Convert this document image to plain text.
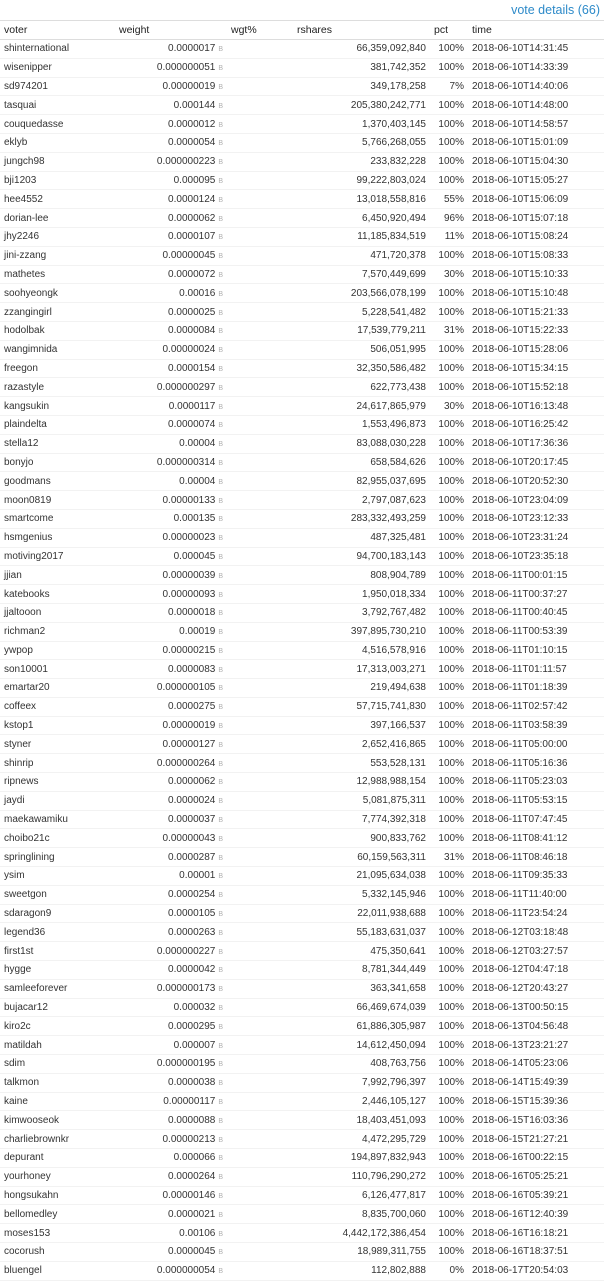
vote details (66)
voter	weight	wgt%	rshares	pct	time
shinternational	0.0000017 B		66,359,092,840	100%	2018-06-10T14:31:45
wisenipper	0.000000051 B		381,742,352	100%	2018-06-10T14:33:39
sd974201	0.00000019 B		349,178,258	7%	2018-06-10T14:40:06
tasquai	0.000144 B		205,380,242,771	100%	2018-06-10T14:48:00
couquedasse	0.0000012 B		1,370,403,145	100%	2018-06-10T14:58:57
eklyb	0.0000054 B		5,766,268,055	100%	2018-06-10T15:01:09
jungch98	0.000000223 B		233,832,228	100%	2018-06-10T15:04:30
bji1203	0.000095 B		99,222,803,024	100%	2018-06-10T15:05:27
hee4552	0.0000124 B		13,018,558,816	55%	2018-06-10T15:06:09
dorian-lee	0.0000062 B		6,450,920,494	96%	2018-06-10T15:07:18
jhy2246	0.0000107 B		11,185,834,519	11%	2018-06-10T15:08:24
jini-zzang	0.00000045 B		471,720,378	100%	2018-06-10T15:08:33
mathetes	0.0000072 B		7,570,449,699	30%	2018-06-10T15:10:33
soohyeongk	0.00016 B		203,566,078,199	100%	2018-06-10T15:10:48
zzangingirl	0.0000025 B		5,228,541,482	100%	2018-06-10T15:21:33
hodolbak	0.0000084 B		17,539,779,211	31%	2018-06-10T15:22:33
wangimnida	0.00000024 B		506,051,995	100%	2018-06-10T15:28:06
freegon	0.0000154 B		32,350,586,482	100%	2018-06-10T15:34:15
razastyle	0.000000297 B		622,773,438	100%	2018-06-10T15:52:18
kangsukin	0.0000117 B		24,617,865,979	30%	2018-06-10T16:13:48
plaindelta	0.0000074 B		1,553,496,873	100%	2018-06-10T16:25:42
stella12	0.00004 B		83,088,030,228	100%	2018-06-10T17:36:36
bonyjo	0.000000314 B		658,584,626	100%	2018-06-10T20:17:45
goodmans	0.00004 B		82,955,037,695	100%	2018-06-10T20:52:30
moon0819	0.00000133 B		2,797,087,623	100%	2018-06-10T23:04:09
smartcome	0.000135 B		283,332,493,259	100%	2018-06-10T23:12:33
hsmgenius	0.00000023 B		487,325,481	100%	2018-06-10T23:31:24
motiving2017	0.000045 B		94,700,183,143	100%	2018-06-10T23:35:18
jjian	0.00000039 B		808,904,789	100%	2018-06-11T00:01:15
katebooks	0.00000093 B		1,950,018,334	100%	2018-06-11T00:37:27
jjaltooon	0.0000018 B		3,792,767,482	100%	2018-06-11T00:40:45
richman2	0.00019 B		397,895,730,210	100%	2018-06-11T00:53:39
ywpop	0.00000215 B		4,516,578,916	100%	2018-06-11T01:10:15
son10001	0.0000083 B		17,313,003,271	100%	2018-06-11T01:11:57
emartar20	0.000000105 B		219,494,638	100%	2018-06-11T01:18:39
coffeex	0.0000275 B		57,715,741,830	100%	2018-06-11T02:57:42
kstop1	0.00000019 B		397,166,537	100%	2018-06-11T03:58:39
styner	0.00000127 B		2,652,416,865	100%	2018-06-11T05:00:00
shinrip	0.000000264 B		553,528,131	100%	2018-06-11T05:16:36
ripnews	0.0000062 B		12,988,988,154	100%	2018-06-11T05:23:03
jaydi	0.0000024 B		5,081,875,311	100%	2018-06-11T05:53:15
maekawamiku	0.0000037 B		7,774,392,318	100%	2018-06-11T07:47:45
choibo21c	0.00000043 B		900,833,762	100%	2018-06-11T08:41:12
springlining	0.0000287 B		60,159,563,311	31%	2018-06-11T08:46:18
ysim	0.00001 B		21,095,634,038	100%	2018-06-11T09:35:33
sweetgon	0.0000254 B		5,332,145,946	100%	2018-06-11T11:40:00
sdaragon9	0.0000105 B		22,011,938,688	100%	2018-06-11T23:54:24
legend36	0.0000263 B		55,183,631,037	100%	2018-06-12T03:18:48
first1st	0.000000227 B		475,350,641	100%	2018-06-12T03:27:57
hygge	0.0000042 B		8,781,344,449	100%	2018-06-12T04:47:18
samleeforever	0.000000173 B		363,341,658	100%	2018-06-12T20:43:27
bujacar12	0.000032 B		66,469,674,039	100%	2018-06-13T00:50:15
kiro2c	0.0000295 B		61,886,305,987	100%	2018-06-13T04:56:48
matildah	0.000007 B		14,612,450,094	100%	2018-06-13T23:21:27
sdim	0.000000195 B		408,763,756	100%	2018-06-14T05:23:06
talkmon	0.0000038 B		7,992,796,397	100%	2018-06-14T15:49:39
kaine	0.00000117 B		2,446,105,127	100%	2018-06-15T15:39:36
kimwooseok	0.0000088 B		18,403,451,093	100%	2018-06-15T16:03:36
charliebrownkr	0.00000213 B		4,472,295,729	100%	2018-06-15T21:27:21
depurant	0.000066 B		194,897,832,943	100%	2018-06-16T00:22:15
yourhoney	0.0000264 B		110,796,290,272	100%	2018-06-16T05:25:21
hongsukahn	0.00000146 B		6,126,477,817	100%	2018-06-16T05:39:21
bellomedley	0.0000021 B		8,835,700,060	100%	2018-06-16T12:40:39
moses153	0.00106 B		4,442,172,386,454	100%	2018-06-16T16:18:21
cocorush	0.0000045 B		18,989,311,755	100%	2018-06-16T18:37:51
bluengel	0.000000054 B		112,802,888	0%	2018-06-17T20:54:03
